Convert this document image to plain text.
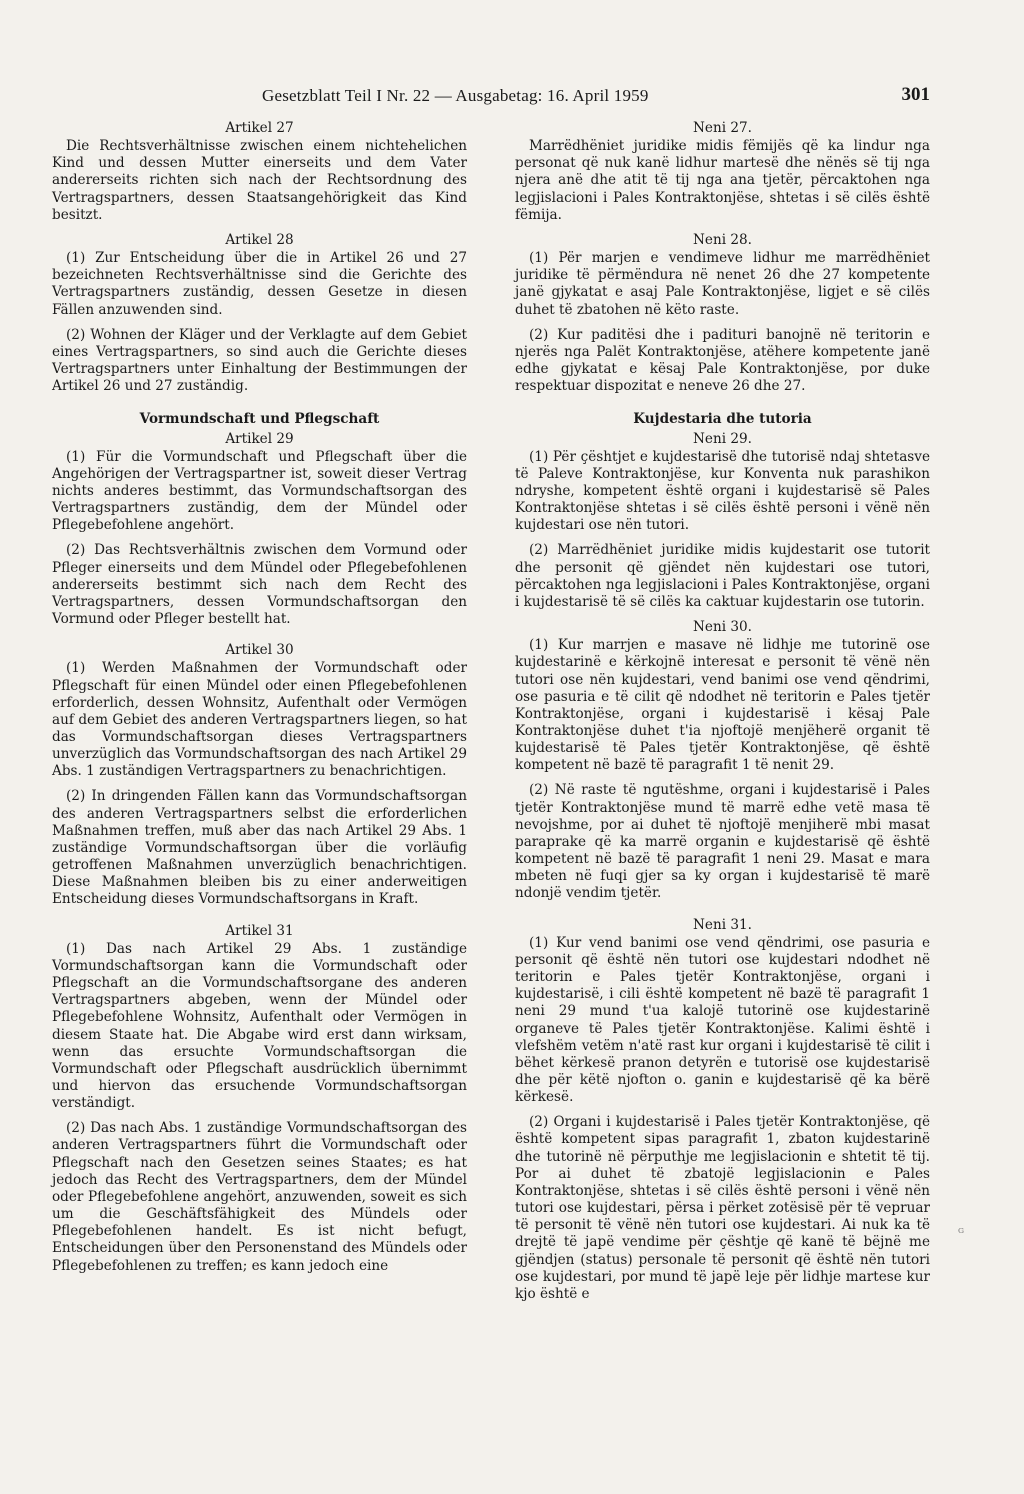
Gesetzblatt Teil I Nr. 22 — Ausgabetag: 16. April 1959	301
Artikel 27

Die Rechtsverhältnisse zwischen einem nichtehelichen Kind und dessen Mutter einerseits und dem Vater andererseits richten sich nach der Rechtsordnung des Vertragspartners, dessen Staatsangehörigkeit das Kind besitzt.

Artikel 28

(1) Zur Entscheidung über die in Artikel 26 und 27 bezeichneten Rechtsverhältnisse sind die Gerichte des Vertragspartners zuständig, dessen Gesetze in diesen Fällen anzuwenden sind.

(2) Wohnen der Kläger und der Verklagte auf dem Gebiet eines Vertragspartners, so sind auch die Gerichte dieses Vertragspartners unter Einhaltung der Bestimmungen der Artikel 26 und 27 zuständig.

Vormundschaft und Pflegschaft
Artikel 29

(1) Für die Vormundschaft und Pflegschaft über die Angehörigen der Vertragspartner ist, soweit dieser Vertrag nichts anderes bestimmt, das Vormundschaftsorgan des Vertragspartners zuständig, dem der Mündel oder Pflegebefohlene angehört.

(2) Das Rechtsverhältnis zwischen dem Vormund oder Pfleger einerseits und dem Mündel oder Pflegebefohlenen andererseits bestimmt sich nach dem Recht des Vertragspartners, dessen Vormundschaftsorgan den Vormund oder Pfleger bestellt hat.

Artikel 30

(1) Werden Maßnahmen der Vormundschaft oder Pflegschaft für einen Mündel oder einen Pflegebefohlenen erforderlich, dessen Wohnsitz, Aufenthalt oder Vermögen auf dem Gebiet des anderen Vertragspartners liegen, so hat das Vormundschaftsorgan dieses Vertragspartners unverzüglich das Vormundschaftsorgan des nach Artikel 29 Abs. 1 zuständigen Vertragspartners zu benachrichtigen.

(2) In dringenden Fällen kann das Vormundschaftsorgan des anderen Vertragspartners selbst die erforderlichen Maßnahmen treffen, muß aber das nach Artikel 29 Abs. 1 zuständige Vormundschaftsorgan über die vorläufig getroffenen Maßnahmen unverzüglich benachrichtigen. Diese Maßnahmen bleiben bis zu einer anderweitigen Entscheidung dieses Vormundschaftsorgans in Kraft.

Artikel 31

(1) Das nach Artikel 29 Abs. 1 zuständige Vormundschaftsorgan kann die Vormundschaft oder Pflegschaft an die Vormundschaftsorgane des anderen Vertragspartners abgeben, wenn der Mündel oder Pflegebefohlene Wohnsitz, Aufenthalt oder Vermögen in diesem Staate hat. Die Abgabe wird erst dann wirksam, wenn das ersuchte Vormundschaftsorgan die Vormundschaft oder Pflegschaft ausdrücklich übernimmt und hiervon das ersuchende Vormundschaftsorgan verständigt.

(2) Das nach Abs. 1 zuständige Vormundschaftsorgan des anderen Vertragspartners führt die Vormundschaft oder Pflegschaft nach den Gesetzen seines Staates; es hat jedoch das Recht des Vertragspartners, dem der Mündel oder Pflegebefohlene angehört, anzuwenden, soweit es sich um die Geschäftsfähigkeit des Mündels oder Pflegebefohlenen handelt. Es ist nicht befugt, Entscheidungen über den Personenstand des Mündels oder Pflegebefohlenen zu treffen; es kann jedoch eine

Neni 27.

Marrëdhëniet juridike midis fëmijës që ka lindur nga personat që nuk kanë lidhur martesë dhe nënës së tij nga njera anë dhe atit të tij nga ana tjetër, përcaktohen nga legjislacioni i Pales Kontraktonjëse, shtetas i së cilës është fëmija.

Neni 28.

(1) Për marjen e vendimeve lidhur me marrëdhëniet juridike të përmëndura në nenet 26 dhe 27 kompetente janë gjykatat e asaj Pale Kontraktonjëse, ligjet e së cilës duhet të zbatohen në këto raste.

(2) Kur paditësi dhe i padituri banojnë në teritorin e njerës nga Palët Kontraktonjëse, atëhere kompetente janë edhe gjykatat e kësaj Pale Kontraktonjëse, por duke respektuar dispozitat e neneve 26 dhe 27.

Kujdestaria dhe tutoria
Neni 29.

(1) Për çështjet e kujdestarisë dhe tutorisë ndaj shtetasve të Paleve Kontraktonjëse, kur Konventa nuk parashikon ndryshe, kompetent është organi i kujdestarisë së Pales Kontraktonjëse shtetas i së cilës është personi i vënë nën kujdestari ose nën tutori.

(2) Marrëdhëniet juridike midis kujdestarit ose tutorit dhe personit që gjëndet nën kujdestari ose tutori, përcaktohen nga legjislacioni i Pales Kontraktonjëse, organi i kujdestarisë të së cilës ka caktuar kujdestarin ose tutorin.

Neni 30.

(1) Kur marrjen e masave në lidhje me tutorinë ose kujdestarinë e kërkojnë interesat e personit të vënë nën tutori ose nën kujdestari, vend banimi ose vend qëndrimi, ose pasuria e të cilit që ndodhet në teritorin e Pales tjetër Kontraktonjëse, organi i kujdestarisë i kësaj Pale Kontraktonjëse duhet t'ia njoftojë menjëherë organit të kujdestarisë të Pales tjetër Kontraktonjëse, që është kompetent në bazë të paragrafit 1 të nenit 29.

(2) Në raste të ngutëshme, organi i kujdestarisë i Pales tjetër Kontraktonjëse mund të marrë edhe vetë masa të nevojshme, por ai duhet të njoftojë menjiherë mbi masat paraprake që ka marrë organin e kujdestarisë që është kompetent në bazë të paragrafit 1 neni 29. Masat e mara mbeten në fuqi gjer sa ky organ i kujdestarisë të marë ndonjë vendim tjetër.

Neni 31.

(1) Kur vend banimi ose vend qëndrimi, ose pasuria e personit që është nën tutori ose kujdestari ndodhet në teritorin e Pales tjetër Kontraktonjëse, organi i kujdestarisë, i cili është kompetent në bazë të paragrafit 1 neni 29 mund t'ua kalojë tutorinë ose kujdestarinë organeve të Pales tjetër Kontraktonjëse. Kalimi është i vlefshëm vetëm n'atë rast kur organi i kujdestarisë të cilit i bëhet kërkesë pranon detyrën e tutorisë ose kujdestarisë dhe për këtë njofton o. ganin e kujdestarisë që ka bërë kërkesë.

(2) Organi i kujdestarisë i Pales tjetër Kontraktonjëse, që është kompetent sipas paragrafit 1, zbaton kujdestarinë dhe tutorinë në përputhje me legjislacionin e shtetit të tij. Por ai duhet të zbatojë legjislacionin e Pales Kontraktonjëse, shtetas i së cilës është personi i vënë nën tutori ose kujdestari, përsa i përket zotësisë për të vepruar të personit të vënë nën tutori ose kujdestari. Ai nuk ka të drejtë të japë vendime për çështje që kanë të bëjnë me gjëndjen (status) personale të personit që është nën tutori ose kujdestari, por mund të japë leje për lidhje martese kur kjo është e

ᴳ
